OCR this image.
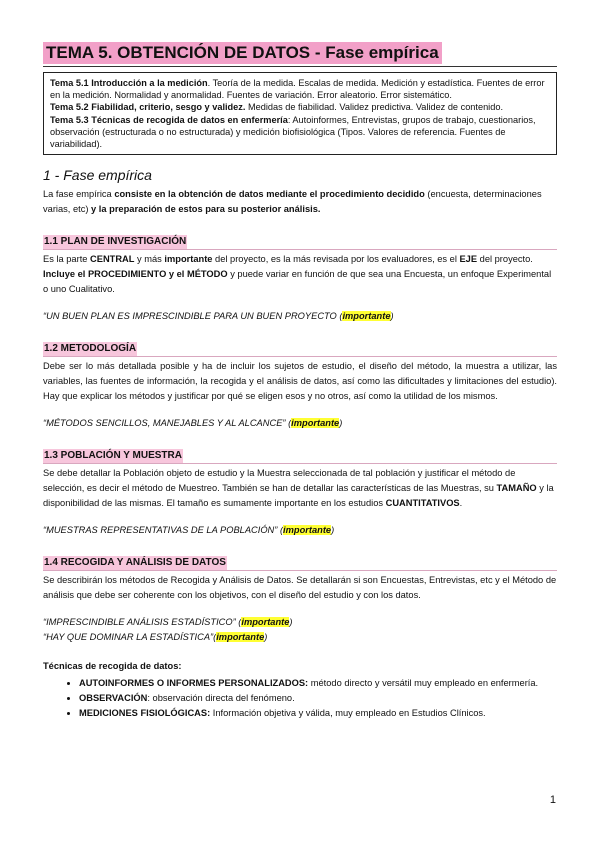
TEMA 5. OBTENCIÓN DE DATOS - Fase empírica

Tema 5.1 Introducción a la medición. Teoría de la medida. Escalas de medida. Medición y estadística. Fuentes de error en la medición. Normalidad y anormalidad. Fuentes de variación. Error aleatorio. Error sistemático.

Tema 5.2 Fiabilidad, criterio, sesgo y validez. Medidas de fiabilidad. Validez predictiva. Validez de contenido.

Tema 5.3 Técnicas de recogida de datos en enfermería: Autoinformes, Entrevistas, grupos de trabajo, cuestionarios, observación (estructurada o no estructurada) y medición biofisiológica (Tipos. Valores de referencia. Fuentes de variabilidad).

1 - Fase empírica

La fase empírica consiste en la obtención de datos mediante el procedimiento decidido (encuesta, determinaciones varias, etc) y la preparación de estos para su posterior análisis.

1.1 PLAN DE INVESTIGACIÓN

Es la parte CENTRAL y más importante del proyecto, es la más revisada por los evaluadores, es el EJE del proyecto. Incluye el PROCEDIMIENTO y el MÉTODO y puede variar en función de que sea una Encuesta, un enfoque Experimental o uno Cualitativo.

“UN BUEN PLAN ES IMPRESCINDIBLE PARA UN BUEN PROYECTO (importante)

1.2 METODOLOGÍA

Debe ser lo más detallada posible y ha de incluir los sujetos de estudio, el diseño del método, la muestra a utilizar, las variables, las fuentes de información, la recogida y el análisis de datos, así como las dificultades y limitaciones del estudio). Hay que explicar los métodos y justificar por qué se eligen esos y no otros, así como la utilidad de los mismos.

“MÉTODOS SENCILLOS, MANEJABLES Y AL ALCANCE” (importante)

1.3 POBLACIÓN Y MUESTRA

Se debe detallar la Población objeto de estudio y la Muestra seleccionada de tal población y justificar el método de selección, es decir el método de Muestreo. También se han de detallar las características de las Muestras, su TAMAÑO y la disponibilidad de las mismas. El tamaño es sumamente importante en los estudios CUANTITATIVOS.

“MUESTRAS REPRESENTATIVAS DE LA POBLACIÓN” (importante)

1.4 RECOGIDA Y ANÁLISIS DE DATOS

Se describirán los métodos de Recogida y Análisis de Datos. Se detallarán si son Encuestas, Entrevistas, etc y el Método de análisis que debe ser coherente con los objetivos, con el diseño del estudio y con los datos.

“IMPRESCINDIBLE ANÁLISIS ESTADÍSTICO” (importante)

“HAY QUE DOMINAR LA ESTADÍSTICA”(importante)

Técnicas de recogida de datos:

• AUTOINFORMES O INFORMES PERSONALIZADOS: método directo y versátil muy empleado en enfermería.
• OBSERVACIÓN: observación directa del fenómeno.
• MEDICIONES FISIOLÓGICAS: Información objetiva y válida, muy empleado en Estudios Clínicos.
1
